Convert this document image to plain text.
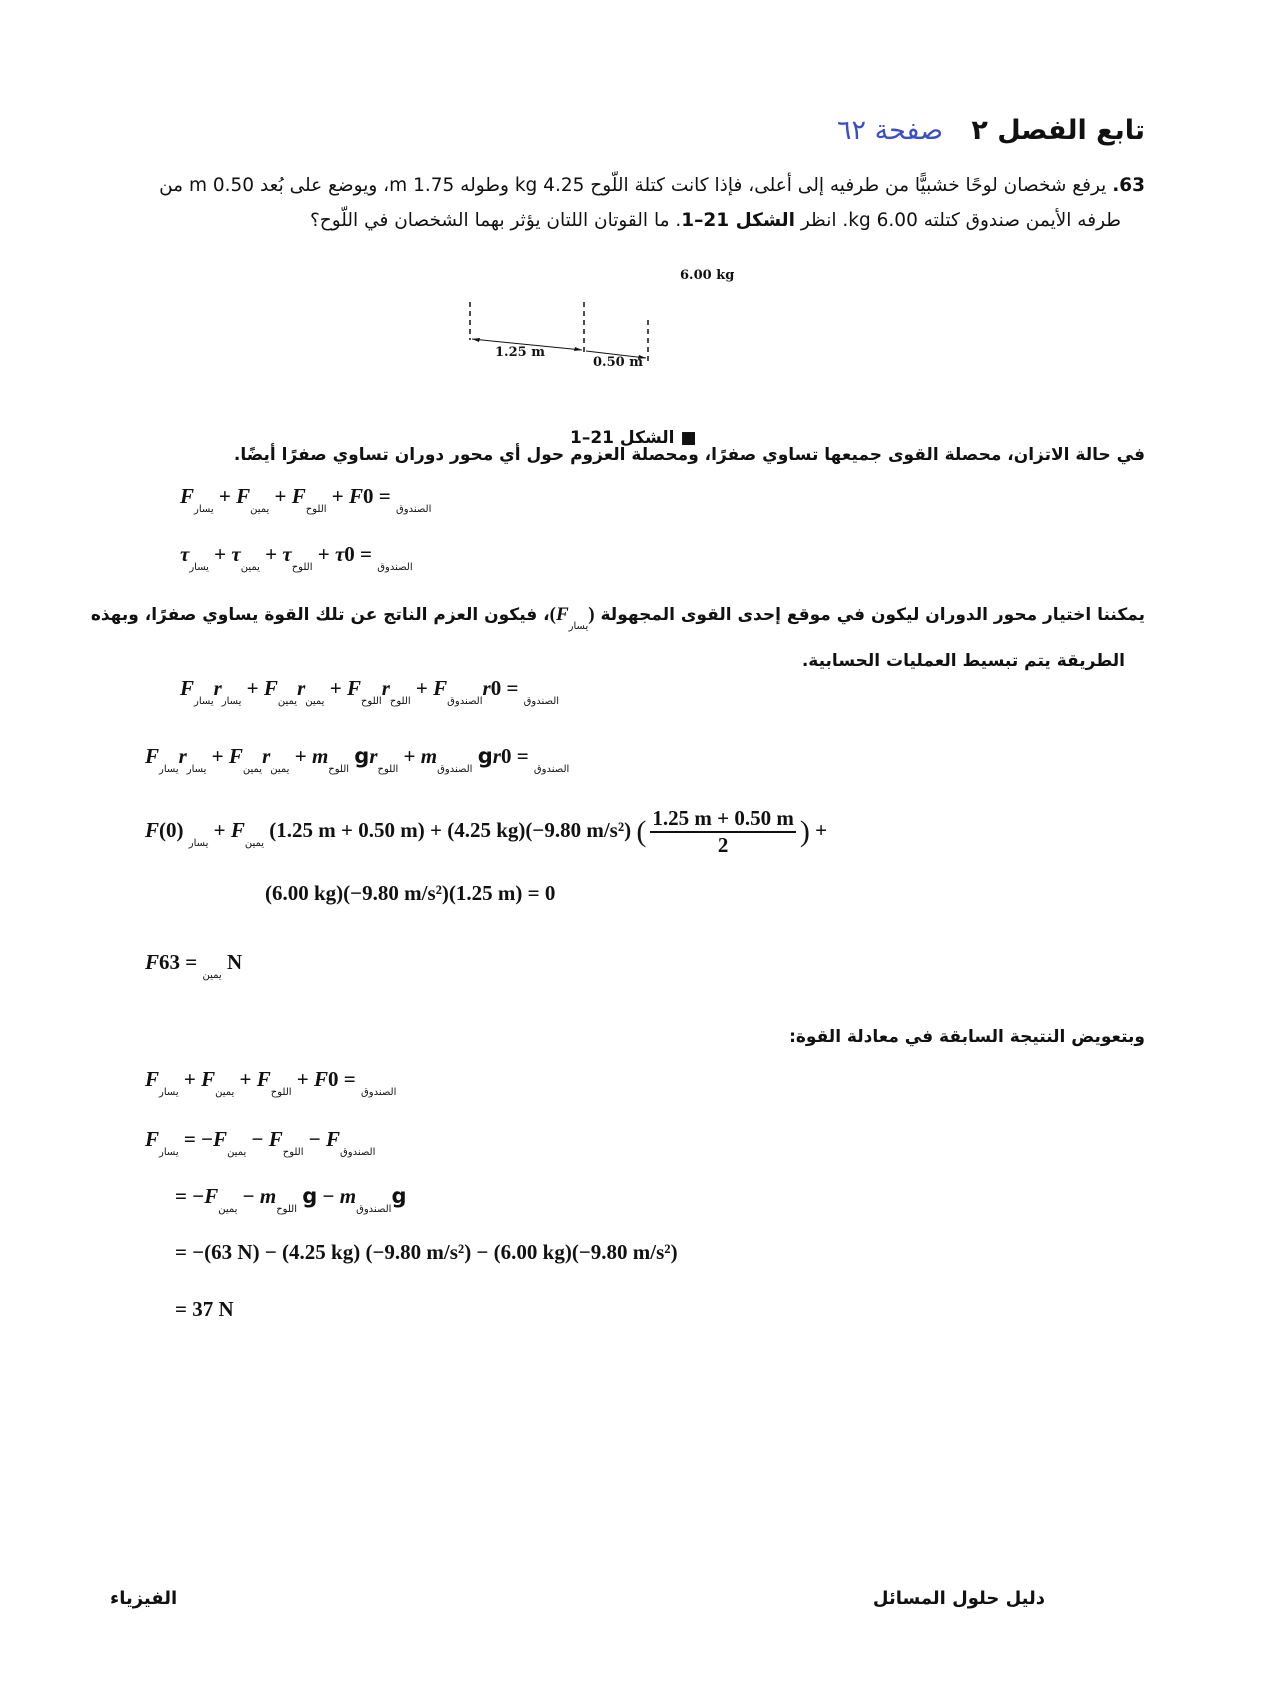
تابع الفصل ٢   صفحة ٦٢
63. يرفع شخصان لوحًا خشبيًّا من طرفيه إلى أعلى، فإذا كانت كتلة اللّوح 4.25 kg وطوله 1.75 m، ويوضع على بُعد 0.50 m من
طرفه الأيمن صندوق كتلته 6.00 kg. انظر الشكل 21–1. ما القوتان اللتان يؤثر بهما الشخصان في اللّوح؟
6.00 kg
1.25 m
0.50 m
■ الشكل 21–1
في حالة الاتزان، محصلة القوى جميعها تساوي صفرًا، ومحصلة العزوم حول أي محور دوران تساوي صفرًا أيضًا.
$F_{يسار} + F_{يمين} + F_{اللوح} + F_{الصندوق} = 0$
$\tau_{يسار} + \tau_{يمين} + \tau_{اللوح} + \tau_{الصندوق} = 0$
يمكننا اختيار محور الدوران ليكون في موقع إحدى القوى المجهولة $(F_{يسار})،$ فيكون العزم الناتج عن تلك القوة يساوي صفرًا، وبهذه
الطريقة يتم تبسيط العمليات الحسابية.
$F_{يسار}r_{يسار} + F_{يمين}r_{يمين} + F_{اللوح}r_{اللوح} + F_{الصندوق}r_{الصندوق} = 0$
$F_{يسار}r_{يسار} + F_{يمين}r_{يمين} + m_{اللوح}$ $gr_{اللوح} + m_{الصندوق}$ $gr_{الصندوق} = 0$
$F_{يسار}$ $(0) + F_{يمين}$ (1.25 m + 0.50 m) + (4.25 kg)(−9.80 m/s²) ( $\frac{1.25 m + 0.50 m}{2}$ ) +
(6.00 kg)(−9.80 m/s²)(1.25 m) = 0
$F_{يمين} = 63$ N
وبتعويض النتيجة السابقة في معادلة القوة:
$F_{يسار} + F_{يمين} + F_{اللوح} + F_{الصندوق} = 0$
$F_{يسار} = -F_{يمين} - F_{اللوح} - F_{الصندوق}$
= $-F_{يمين} - m_{اللوح}$ $g - m_{الصندوق}g$
= −(63 N) − (4.25 kg) (−9.80 m/s²) − (6.00 kg)(−9.80 m/s²)
= 37 N
دليل حلول المسائل
الفيزياء
